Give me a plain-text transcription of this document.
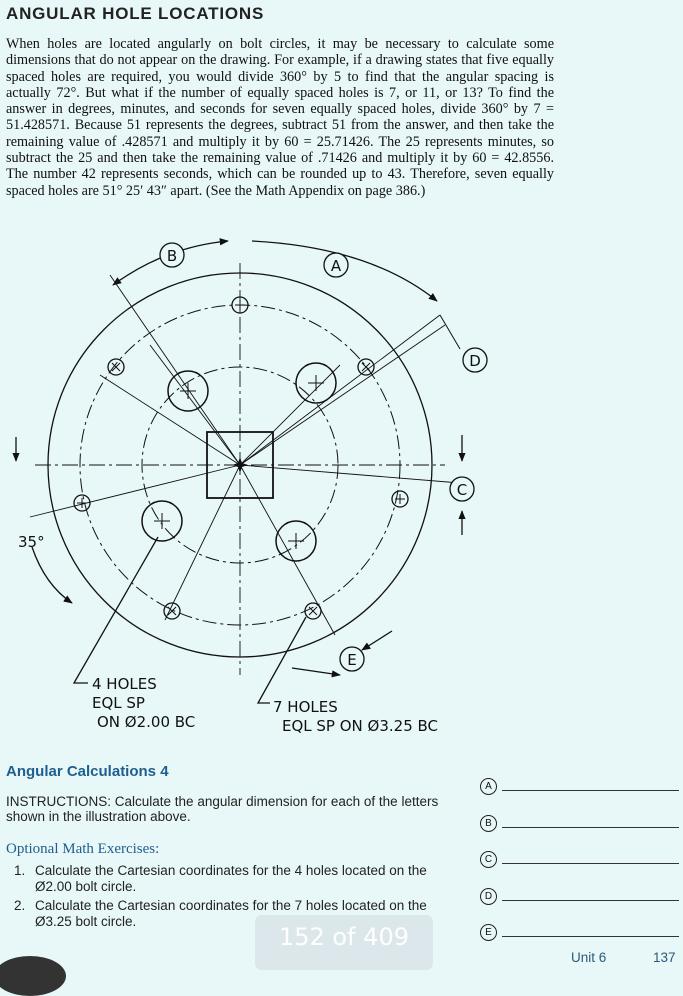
ANGULAR HOLE LOCATIONS

When holes are located angularly on bolt circles, it may be necessary to calculate some dimensions that do not appear on the drawing. For example, if a drawing states that five equally spaced holes are required, you would divide 360° by 5 to find that the angular spacing is actually 72°. But what if the number of equally spaced holes is 7, or 11, or 13? To find the answer in degrees, minutes, and seconds for seven equally spaced holes, divide 360° by 7 = 51.428571. Because 51 represents the degrees, subtract 51 from the answer, and then take the remaining value of .428571 and multiply it by 60 = 25.71426. The 25 represents minutes, so subtract the 25 and then take the remaining value of .71426 and multiply it by 60 = 42.8556. The number 42 represents seconds, which can be rounded up to 43. Therefore, seven equally spaced holes are 51° 25′ 43″ apart. (See the Math Appendix on page 386.)

B
A
D
C
E
35°
4 HOLES
EQL SP
ON Ø2.00 BC
7 HOLES
EQL SP ON Ø3.25 BC
Angular Calculations 4
INSTRUCTIONS: Calculate the angular dimension for each of the letters shown in the illustration above.
Optional Math Exercises:
1. Calculate the Cartesian coordinates for the 4 holes located on the Ø2.00 bolt circle.
2. Calculate the Cartesian coordinates for the 7 holes located on the Ø3.25 bolt circle.
A
B
C
D
E
152 of 409
Unit 6	137
